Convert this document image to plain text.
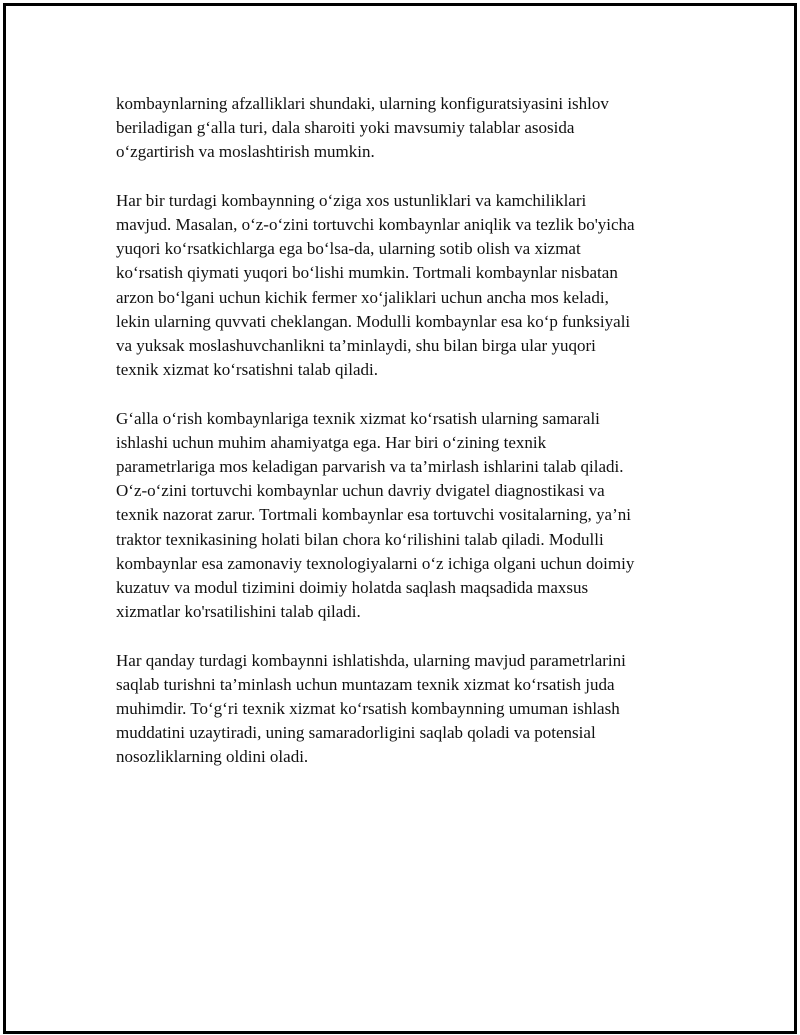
kombaynlarning afzalliklari shundaki, ularning konfiguratsiyasini ishlov
beriladigan g‘alla turi, dala sharoiti yoki mavsumiy talablar asosida
o‘zgartirish va moslashtirish mumkin.

Har bir turdagi kombaynning o‘ziga xos ustunliklari va kamchiliklari
mavjud. Masalan, o‘z-o‘zini tortuvchi kombaynlar aniqlik va tezlik bo'yicha
yuqori ko‘rsatkichlarga ega bo‘lsa-da, ularning sotib olish va xizmat
ko‘rsatish qiymati yuqori bo‘lishi mumkin. Tortmali kombaynlar nisbatan
arzon bo‘lgani uchun kichik fermer xo‘jaliklari uchun ancha mos keladi,
lekin ularning quvvati cheklangan. Modulli kombaynlar esa ko‘p funksiyali
va yuksak moslashuvchanlikni ta’minlaydi, shu bilan birga ular yuqori
texnik xizmat ko‘rsatishni talab qiladi.

G‘alla o‘rish kombaynlariga texnik xizmat ko‘rsatish ularning samarali
ishlashi uchun muhim ahamiyatga ega. Har biri o‘zining texnik
parametrlariga mos keladigan parvarish va ta’mirlash ishlarini talab qiladi.
O‘z-o‘zini tortuvchi kombaynlar uchun davriy dvigatel diagnostikasi va
texnik nazorat zarur. Tortmali kombaynlar esa tortuvchi vositalarning, ya’ni
traktor texnikasining holati bilan chora ko‘rilishini talab qiladi. Modulli
kombaynlar esa zamonaviy texnologiyalarni o‘z ichiga olgani uchun doimiy
kuzatuv va modul tizimini doimiy holatda saqlash maqsadida maxsus
xizmatlar ko'rsatilishini talab qiladi.

Har qanday turdagi kombaynni ishlatishda, ularning mavjud parametrlarini
saqlab turishni ta’minlash uchun muntazam texnik xizmat ko‘rsatish juda
muhimdir. To‘g‘ri texnik xizmat ko‘rsatish kombaynning umuman ishlash
muddatini uzaytiradi, uning samaradorligini saqlab qoladi va potensial
nosozliklarning oldini oladi.
